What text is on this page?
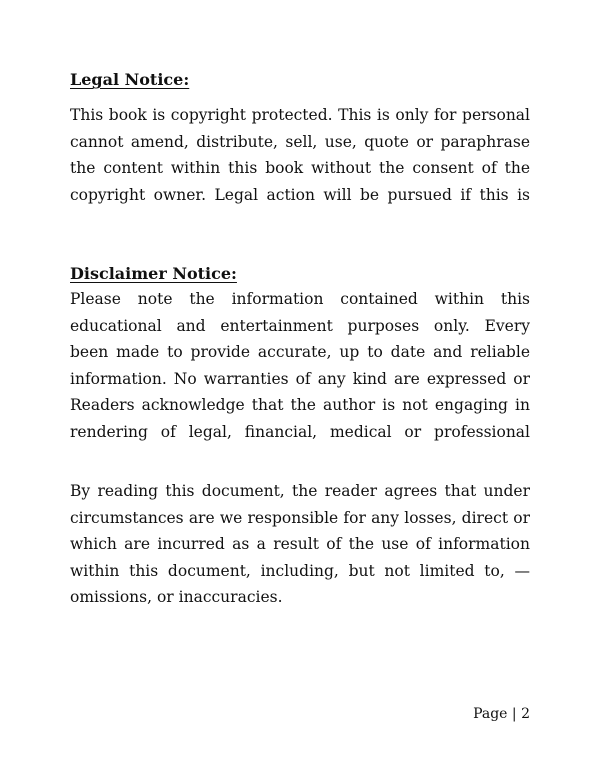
Legal Notice:

This book is copyright protected. This is only for personal
cannot amend, distribute, sell, use, quote or paraphrase
the content within this book without the consent of the
copyright owner. Legal action will be pursued if this is

Disclaimer Notice:

Please note the information contained within this
educational and entertainment purposes only. Every
been made to provide accurate, up to date and reliable
information. No warranties of any kind are expressed or
Readers acknowledge that the author is not engaging in
rendering of legal, financial, medical or professional

By reading this document, the reader agrees that under
circumstances are we responsible for any losses, direct or
which are incurred as a result of the use of information
within this document, including, but not limited to, —
omissions, or inaccuracies.

Page | 2
